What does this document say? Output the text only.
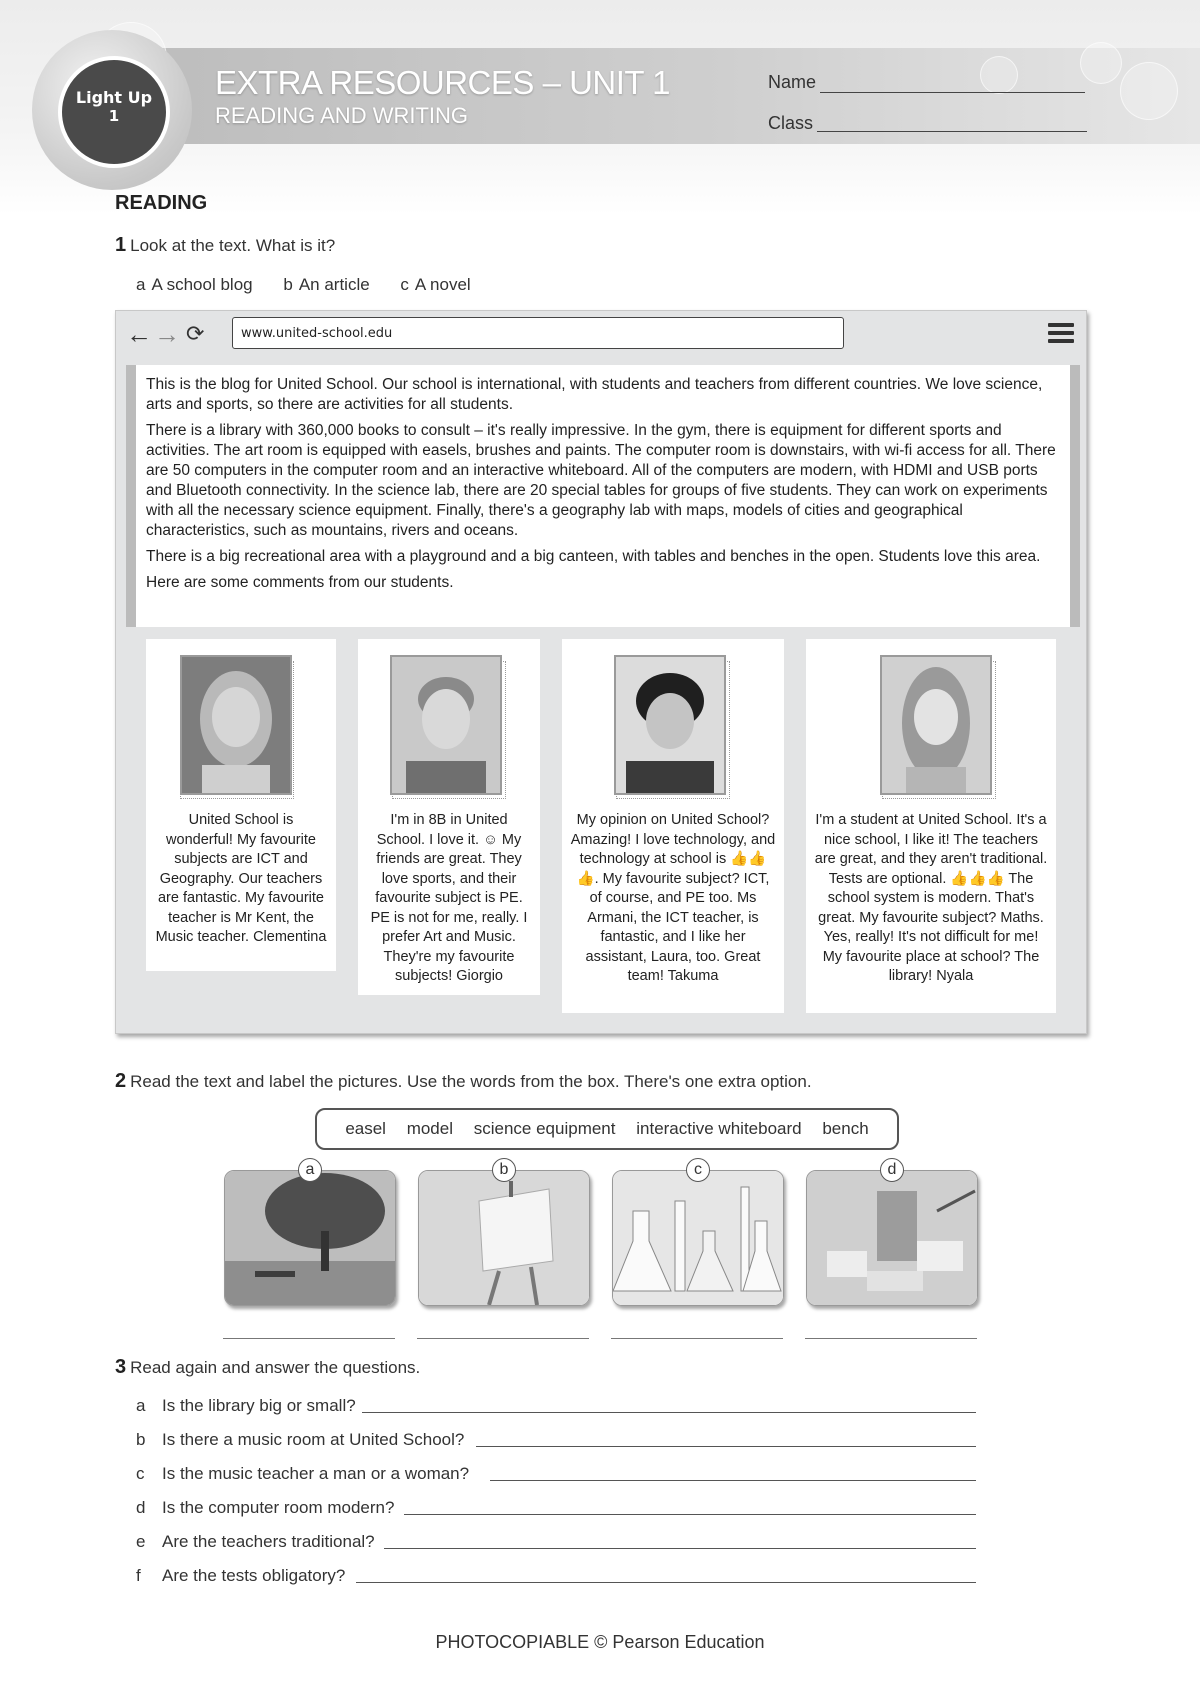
Light Up
1
EXTRA RESOURCES – UNIT 1
READING AND WRITING
Name
Class
READING
1 Look at the text. What is it?
a A school blog b An article c A novel
← → ⟳	www.united-school.edu

This is the blog for United School. Our school is international, with students and teachers from different countries. We love science, arts and sports, so there are activities for all students.

There is a library with 360,000 books to consult – it's really impressive. In the gym, there is equipment for different sports and activities. The art room is equipped with easels, brushes and paints. The computer room is downstairs, with wi-fi access for all. There are 50 computers in the computer room and an interactive whiteboard. All of the computers are modern, with HDMI and USB ports and Bluetooth connectivity. In the science lab, there are 20 special tables for groups of five students. They can work on experiments with all the necessary science equipment. Finally, there's a geography lab with maps, models of cities and geographical characteristics, such as mountains, rivers and oceans.

There is a big recreational area with a playground and a big canteen, with tables and benches in the open. Students love this area.

Here are some comments from our students.

United School is wonderful! My favourite subjects are ICT and Geography. Our teachers are fantastic. My favourite teacher is Mr Kent, the Music teacher. Clementina
I'm in 8B in United School. I love it. ☺ My friends are great. They love sports, and their favourite subject is PE. PE is not for me, really. I prefer Art and Music. They're my favourite subjects! Giorgio
My opinion on United School? Amazing! I love technology, and technology at school is 👍👍👍. My favourite subject? ICT, of course, and PE too. Ms Armani, the ICT teacher, is fantastic, and I like her assistant, Laura, too. Great team! Takuma
I'm a student at United School. It's a nice school, I like it! The teachers are great, and they aren't traditional. Tests are optional. 👍👍👍 The school system is modern. That's great. My favourite subject? Maths. Yes, really! It's not difficult for me! My favourite place at school? The library! Nyala
2 Read the text and label the pictures. Use the words from the box. There's one extra option.
easel model science equipment interactive whiteboard bench
a	b	c	d
3 Read again and answer the questions.
a Is the library big or small?
b Is there a music room at United School?
c Is the music teacher a man or a woman?
d Is the computer room modern?
e Are the teachers traditional?
f Are the tests obligatory?
PHOTOCOPIABLE © Pearson Education
